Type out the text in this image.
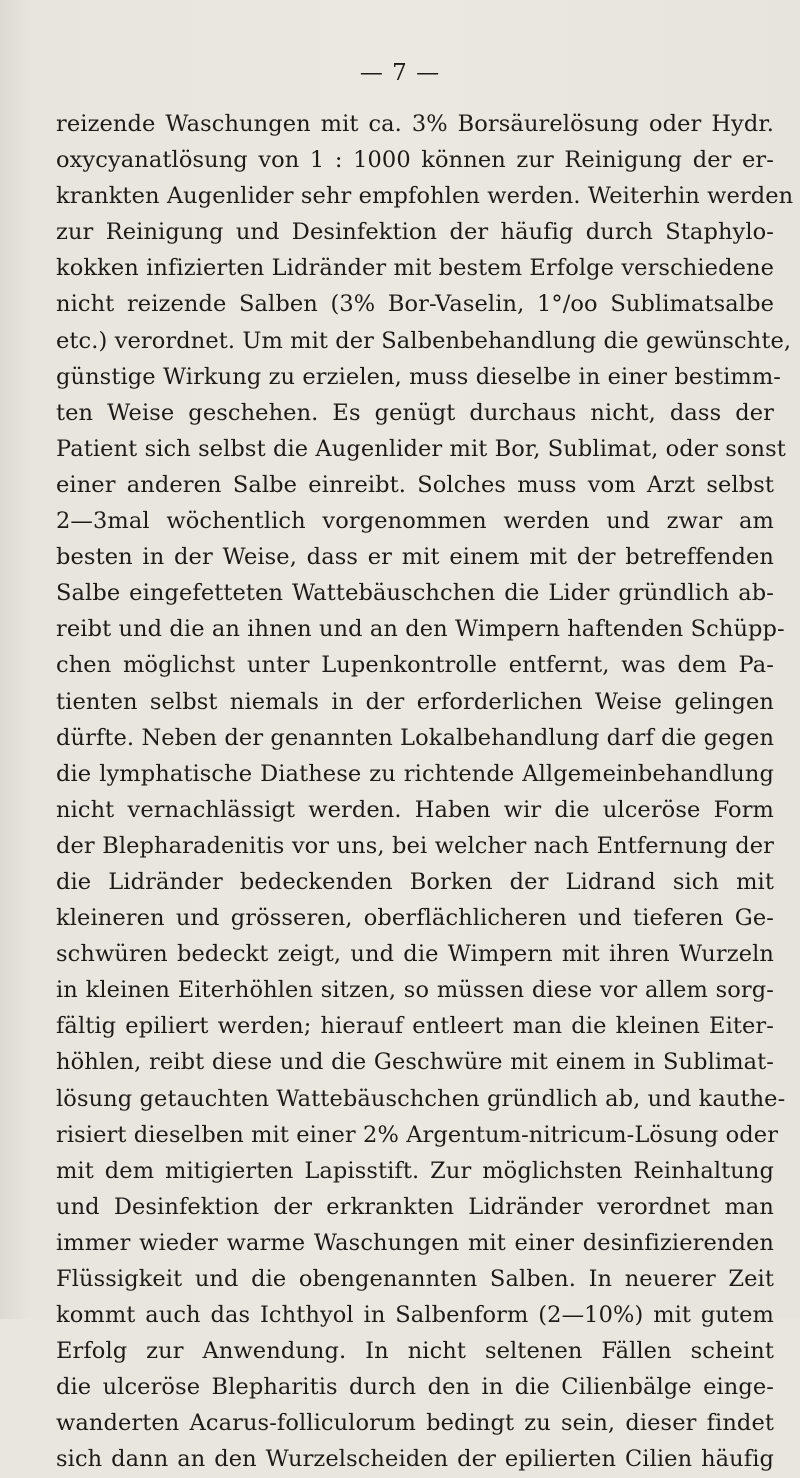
— 7 —
reizende Waschungen mit ca. 3% Borsäurelösung oder Hydr.
oxycyanatlösung von 1 : 1000 können zur Reinigung der er-
krankten Augenlider sehr empfohlen werden. Weiterhin werden
zur Reinigung und Desinfektion der häufig durch Staphylo-
kokken infizierten Lidränder mit bestem Erfolge verschiedene
nicht reizende Salben (3% Bor-Vaselin, 1°/oo Sublimatsalbe
etc.) verordnet. Um mit der Salbenbehandlung die gewünschte,
günstige Wirkung zu erzielen, muss dieselbe in einer bestimm-
ten Weise geschehen. Es genügt durchaus nicht, dass der
Patient sich selbst die Augenlider mit Bor, Sublimat, oder sonst
einer anderen Salbe einreibt. Solches muss vom Arzt selbst
2—3mal wöchentlich vorgenommen werden und zwar am
besten in der Weise, dass er mit einem mit der betreffenden
Salbe eingefetteten Wattebäuschchen die Lider gründlich ab-
reibt und die an ihnen und an den Wimpern haftenden Schüpp-
chen möglichst unter Lupenkontrolle entfernt, was dem Pa-
tienten selbst niemals in der erforderlichen Weise gelingen
dürfte. Neben der genannten Lokalbehandlung darf die gegen
die lymphatische Diathese zu richtende Allgemeinbehandlung
nicht vernachlässigt werden. Haben wir die ulceröse Form
der Blepharadenitis vor uns, bei welcher nach Entfernung der
die Lidränder bedeckenden Borken der Lidrand sich mit
kleineren und grösseren, oberflächlicheren und tieferen Ge-
schwüren bedeckt zeigt, und die Wimpern mit ihren Wurzeln
in kleinen Eiterhöhlen sitzen, so müssen diese vor allem sorg-
fältig epiliert werden; hierauf entleert man die kleinen Eiter-
höhlen, reibt diese und die Geschwüre mit einem in Sublimat-
lösung getauchten Wattebäuschchen gründlich ab, und kauthe-
risiert dieselben mit einer 2% Argentum-nitricum-Lösung oder
mit dem mitigierten Lapisstift. Zur möglichsten Reinhaltung
und Desinfektion der erkrankten Lidränder verordnet man
immer wieder warme Waschungen mit einer desinfizierenden
Flüssigkeit und die obengenannten Salben. In neuerer Zeit
kommt auch das Ichthyol in Salbenform (2—10%) mit gutem
Erfolg zur Anwendung. In nicht seltenen Fällen scheint
die ulceröse Blepharitis durch den in die Cilienbälge einge-
wanderten Acarus-folliculorum bedingt zu sein, dieser findet
sich dann an den Wurzelscheiden der epilierten Cilien häufig
